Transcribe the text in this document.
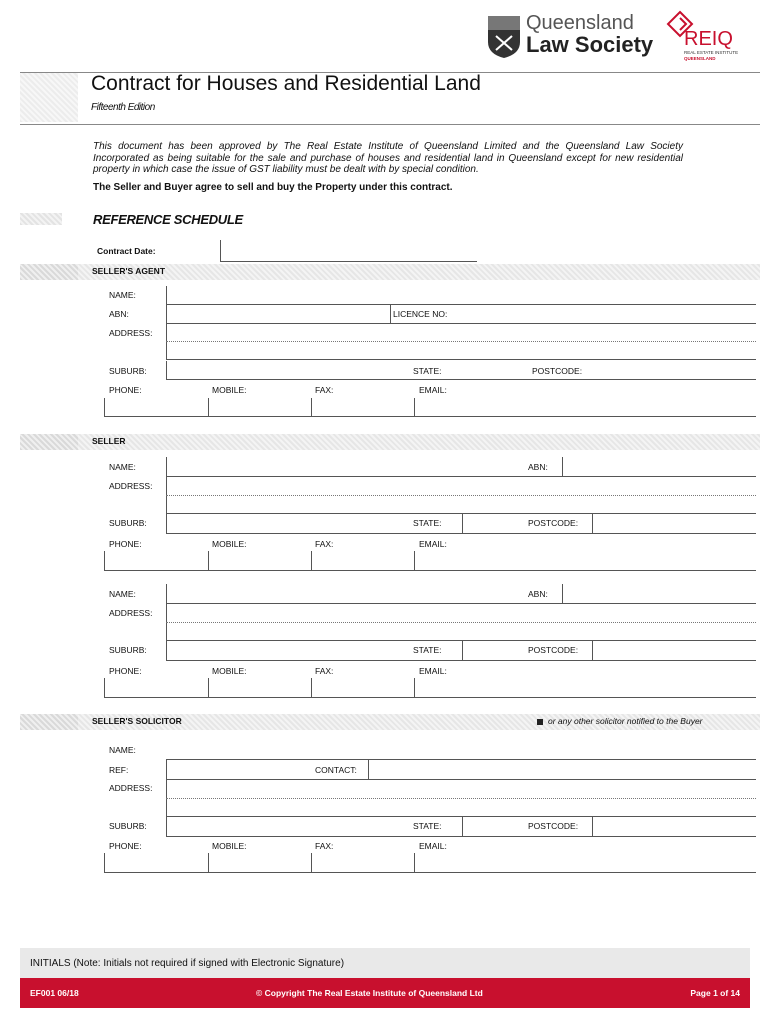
Queensland
Law Society REIQ
REAL ESTATE INSTITUTE
QUEENSLAND
Contract for Houses and Residential Land
Fifteenth Edition
This document has been approved by The Real Estate Institute of Queensland Limited and the Queensland Law Society Incorporated as being suitable for the sale and purchase of houses and residential land in Queensland except for new residential property in which case the issue of GST liability must be dealt with by special condition.
The Seller and Buyer agree to sell and buy the Property under this contract.
REFERENCE SCHEDULE
Contract Date:
SELLER'S AGENT
NAME:
ABN:	LICENCE NO:
ADDRESS:
SUBURB:	STATE:	POSTCODE:
PHONE:	MOBILE:	FAX:	EMAIL:
SELLER
NAME:	ABN:
ADDRESS:
SUBURB:	STATE:	POSTCODE:
PHONE:	MOBILE:	FAX:	EMAIL:
NAME:	ABN:
ADDRESS:
SUBURB:	STATE:	POSTCODE:
PHONE:	MOBILE:	FAX:	EMAIL:
SELLER'S SOLICITOR	or any other solicitor notified to the Buyer
NAME:
REF:	CONTACT:
ADDRESS:
SUBURB:	STATE:	POSTCODE:
PHONE:	MOBILE:	FAX:	EMAIL:
INITIALS (Note: Initials not required if signed with Electronic Signature)
EF001 06/18	© Copyright The Real Estate Institute of Queensland Ltd	Page 1 of 14
